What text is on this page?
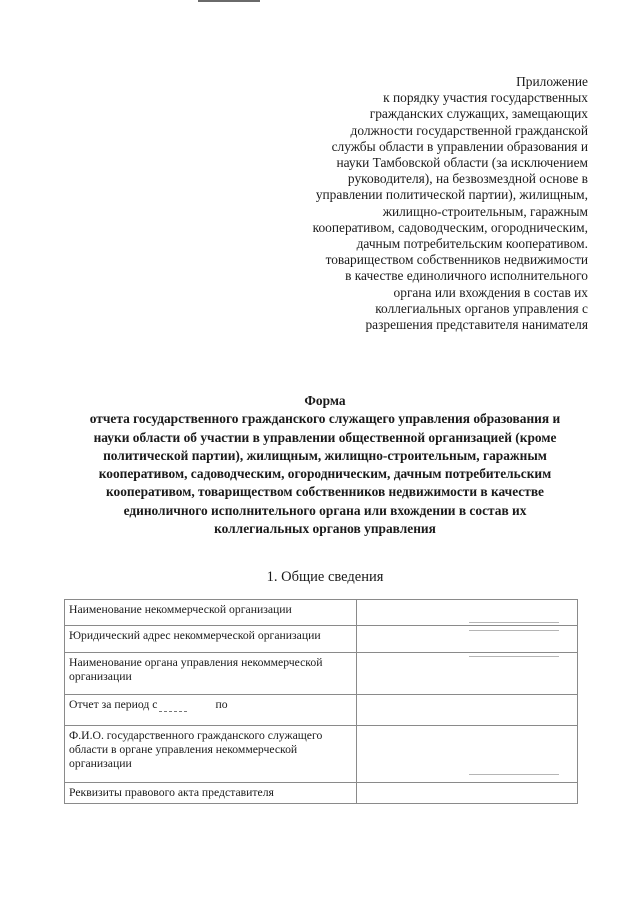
Приложение
к порядку участия государственных
гражданских служащих, замещающих
должности государственной гражданской
службы области в управлении образования и
науки Тамбовской области (за исключением
руководителя), на безвозмездной основе в
управлении политической партии), жилищным,
жилищно-строительным, гаражным
кооперативом, садоводческим, огородническим,
дачным потребительским кооперативом.
товариществом собственников недвижимости
в качестве единоличного исполнительного
органа или вхождения в состав их
коллегиальных органов управления с
разрешения представителя нанимателя
Форма
отчета государственного гражданского служащего управления образования и
науки области об участии в управлении общественной организацией (кроме
политической партии), жилищным, жилищно-строительным, гаражным
кооперативом, садоводческим, огородническим, дачным потребительским
кооперативом, товариществом собственников недвижимости в качестве
единоличного исполнительного органа или вхождении в состав их
коллегиальных органов управления
1. Общие сведения
Наименование некоммерческой организации	

Юридический адрес некоммерческой организации	

Наименование органа управления некоммерческой организации	

Отчет за период с по	
Ф.И.О. государственного гражданского служащего области в органе управления некоммерческой организации	

Реквизиты правового акта представителя	
